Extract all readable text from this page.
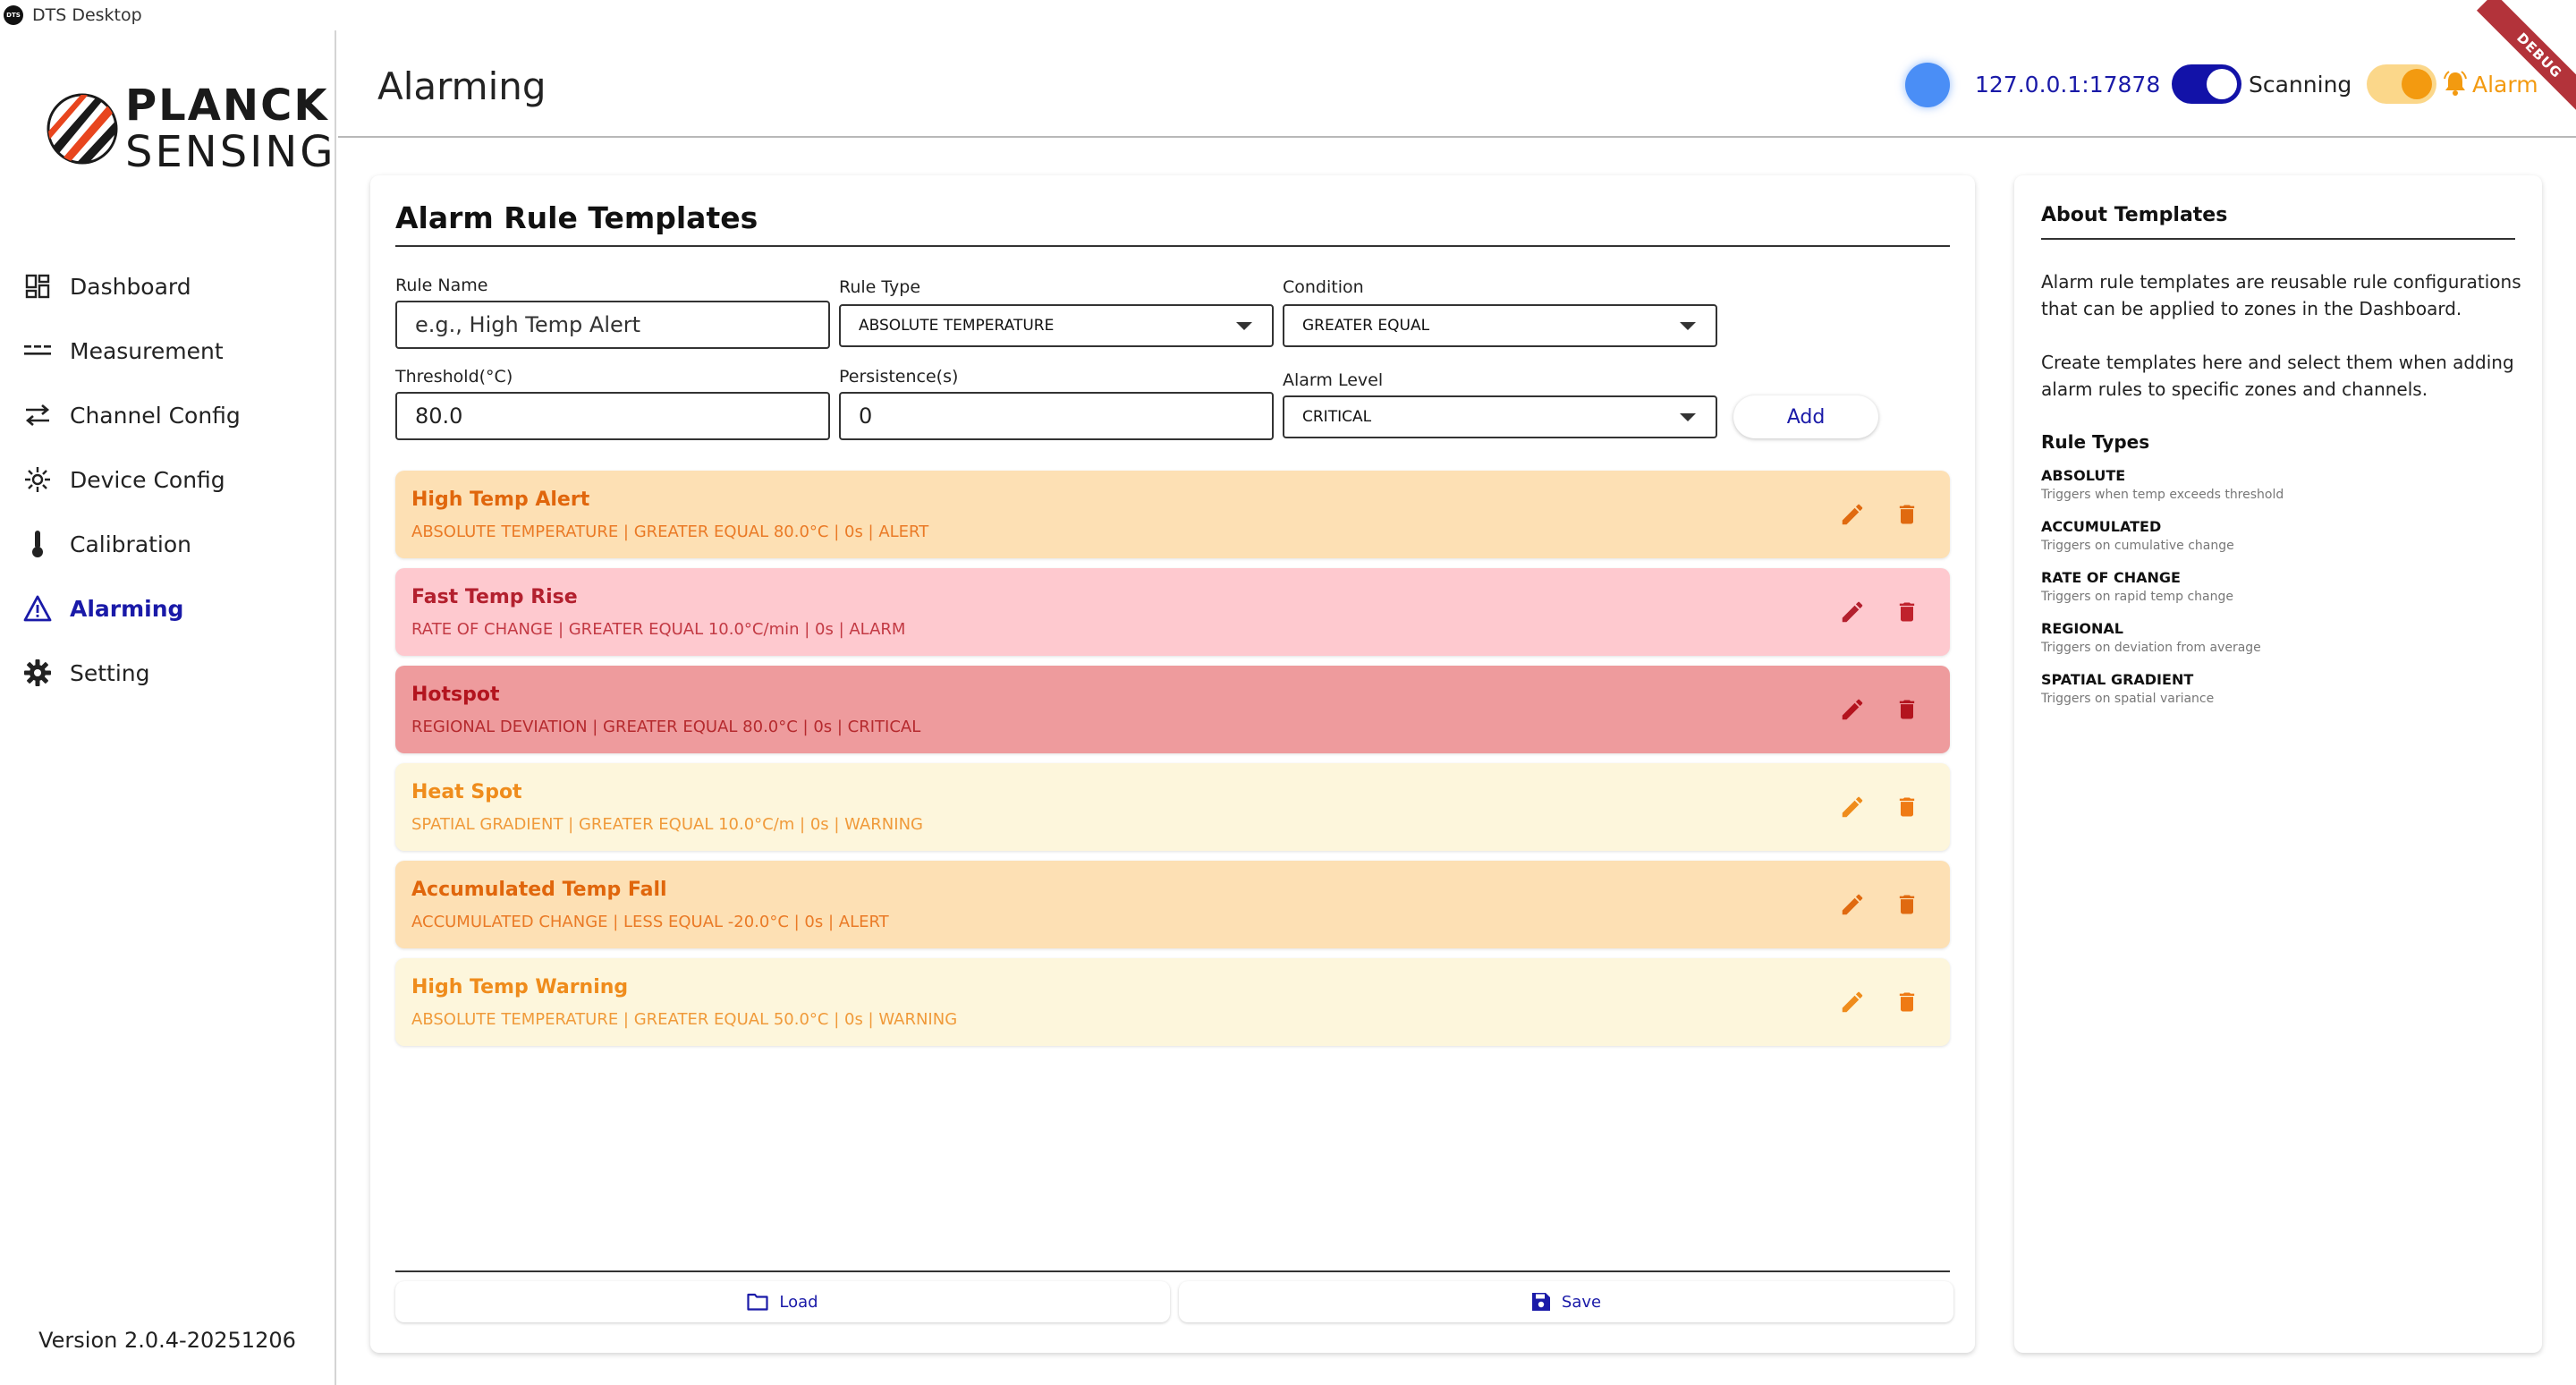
DTS DTS Desktop
PLANCK
SENSING
Dashboard
Measurement
Channel Config
Device Config
Calibration
Alarming
Setting
Version 2.0.4-20251206
Alarming	127.0.0.1:17878	Scanning	Alarm
DEBUG
Alarm Rule Templates
Rule Name
e.g., High Temp Alert	Rule Type
ABSOLUTE TEMPERATURE
Condition
GREATER EQUAL
Threshold(°C)
80.0	Persistence(s)
0	Alarm Level
CRITICAL	Add
High Temp Alert
ABSOLUTE TEMPERATURE | GREATER EQUAL 80.0°C | 0s | ALERT
Fast Temp Rise
RATE OF CHANGE | GREATER EQUAL 10.0°C/min | 0s | ALARM
Hotspot
REGIONAL DEVIATION | GREATER EQUAL 80.0°C | 0s | CRITICAL
Heat Spot
SPATIAL GRADIENT | GREATER EQUAL 10.0°C/m | 0s | WARNING
Accumulated Temp Fall
ACCUMULATED CHANGE | LESS EQUAL -20.0°C | 0s | ALERT
High Temp Warning
ABSOLUTE TEMPERATURE | GREATER EQUAL 50.0°C | 0s | WARNING
Load	Save
About Templates

Alarm rule templates are reusable rule configurations that can be applied to zones in the Dashboard.

Create templates here and select them when adding alarm rules to specific zones and channels.

Rule Types
ABSOLUTE
Triggers when temp exceeds threshold
ACCUMULATED
Triggers on cumulative change
RATE OF CHANGE
Triggers on rapid temp change
REGIONAL
Triggers on deviation from average
SPATIAL GRADIENT
Triggers on spatial variance
